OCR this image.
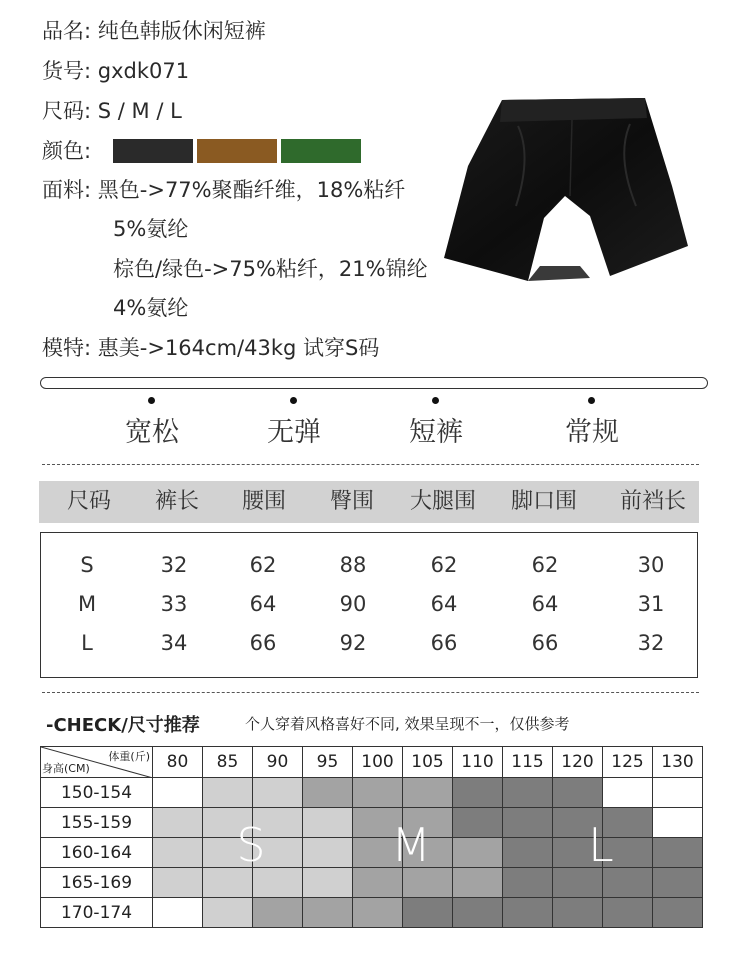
品名: 纯色韩版休闲短裤
货号: gxdk071
尺码: S / M / L
颜色:
面料: 黑色->77%聚酯纤维，18%粘纤
5%氨纶
棕色/绿色->75%粘纤，21%锦纶
4%氨纶
模特: 惠美->164cm/43kg 试穿S码
宽松	无弹	短裤	常规
尺码 裤长 腰围 臀围 大腿围 脚口围 前裆长
S	32	62	88	62	62	30
M	33	64	90	64	64	31
L	34	66	92	66	66	32
-CHECK/尺寸推荐	个人穿着风格喜好不同, 效果呈现不一，仅供参考
体重(斤)
身高(CM)	80	85	90	95	100	105	110	115	120	125	130
150-154
155-159
160-164
165-169
170-174
S	M	L
